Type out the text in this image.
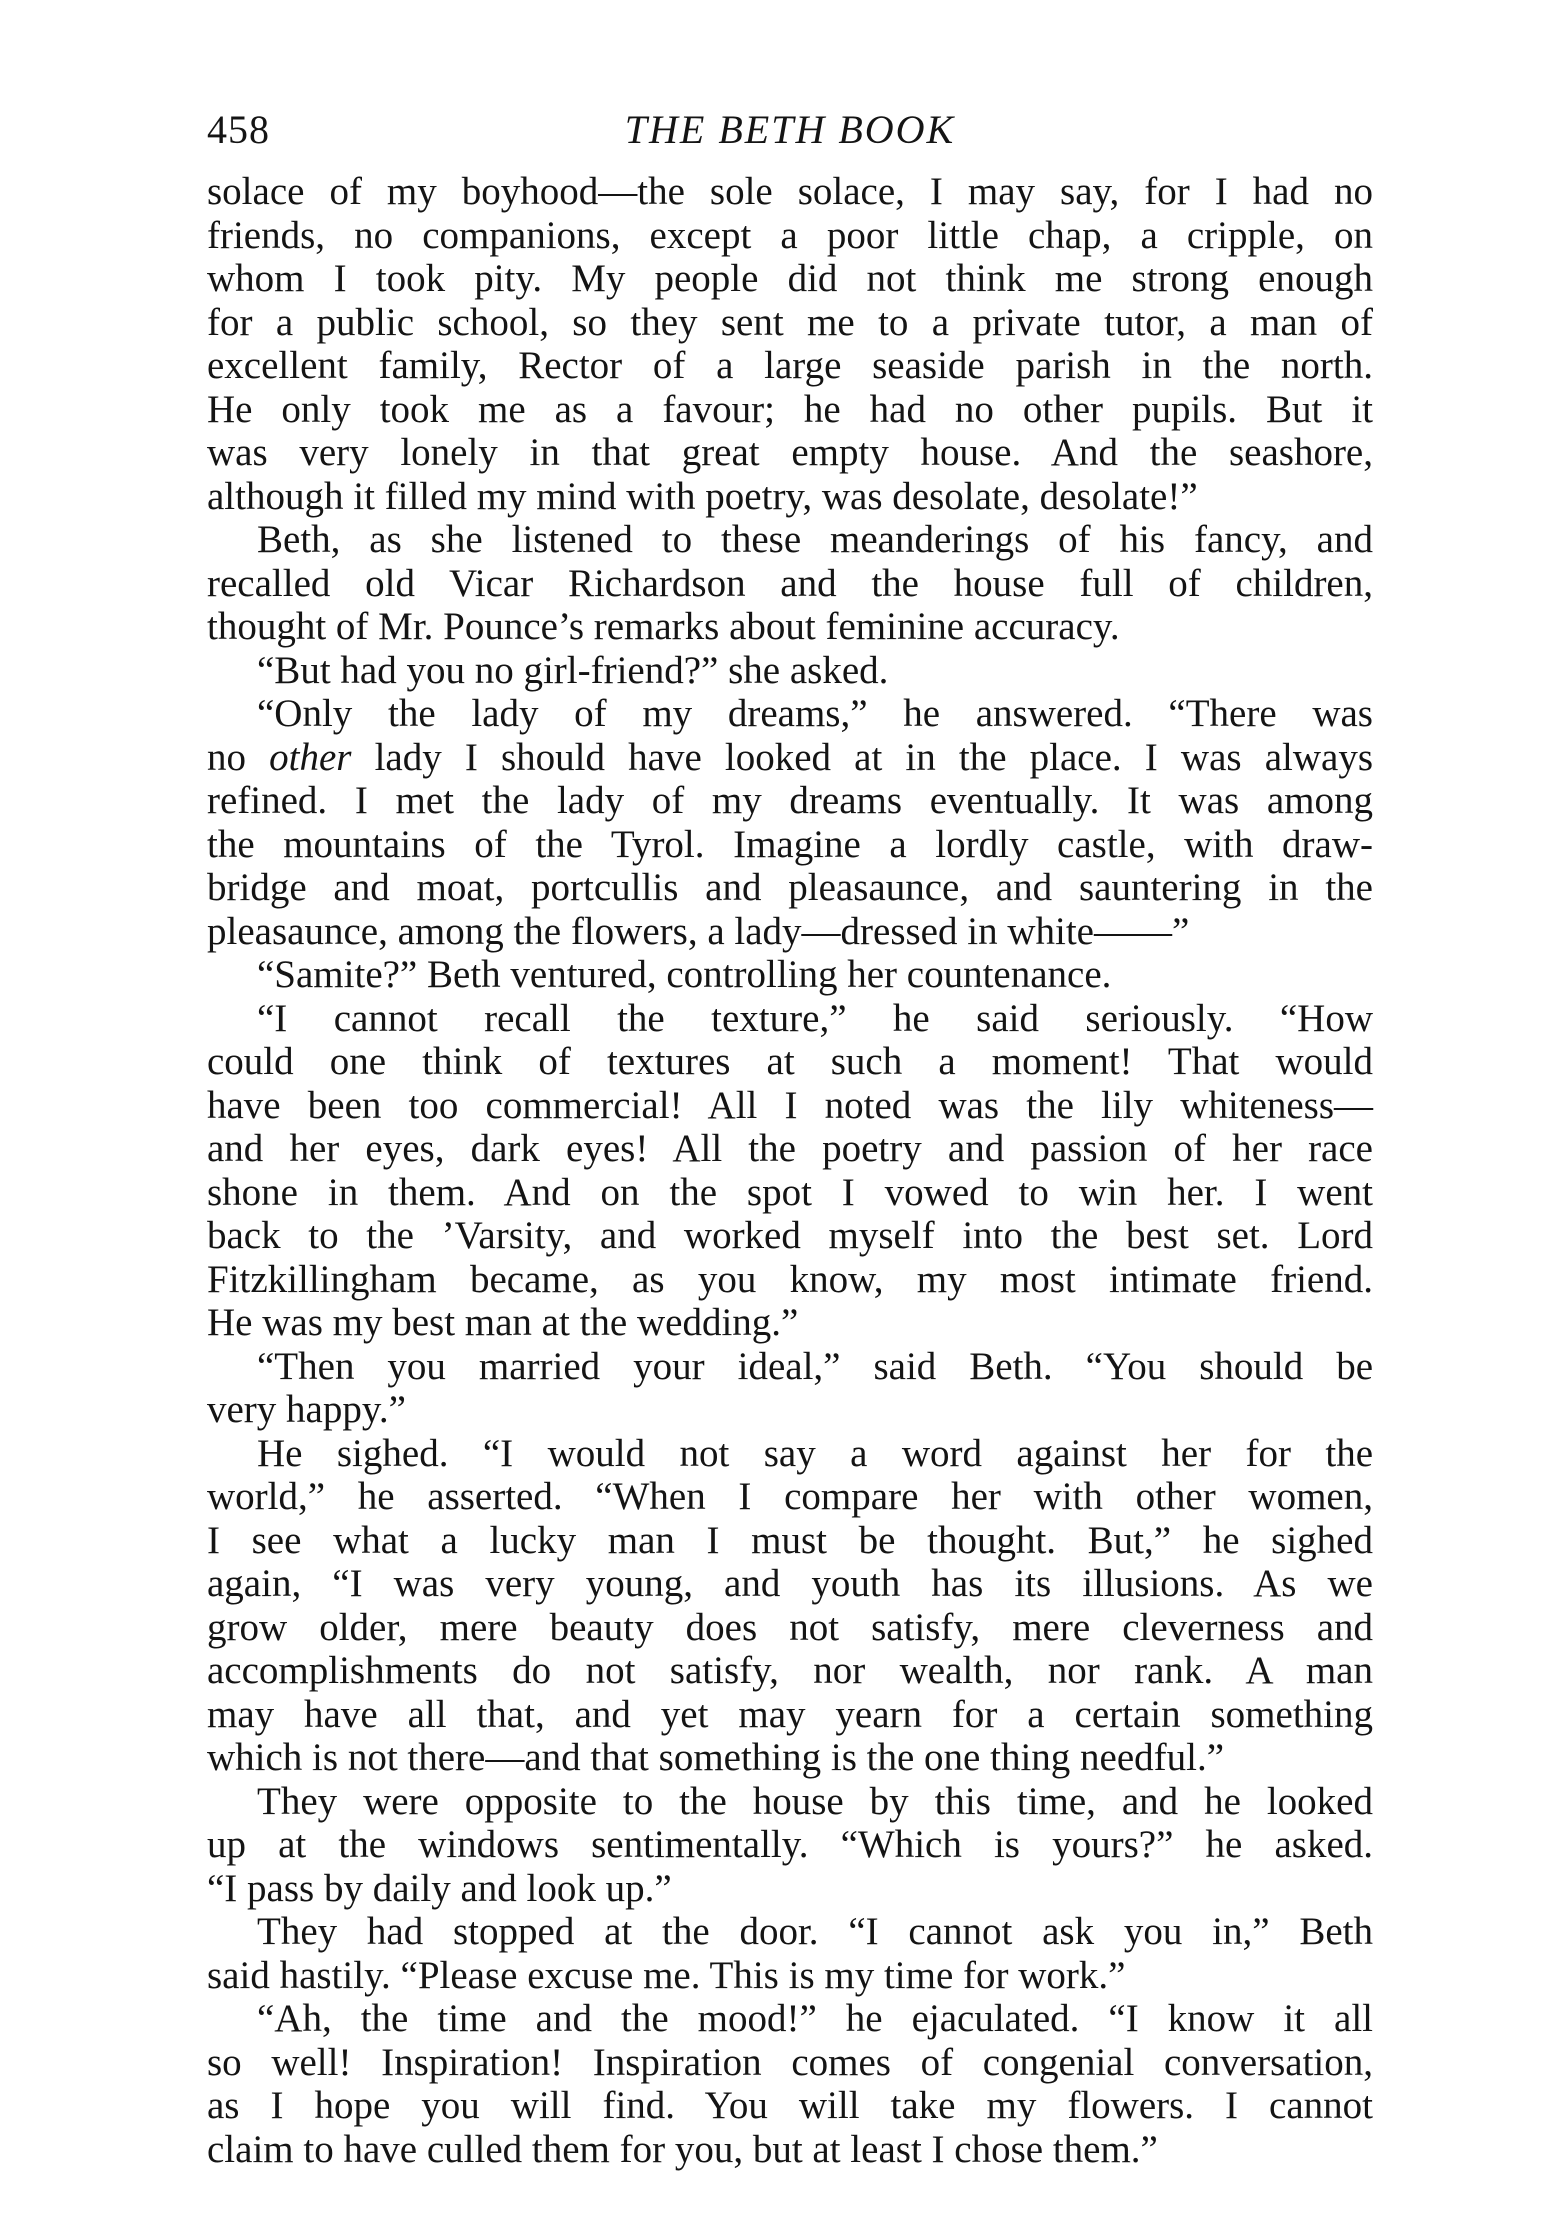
458	THE BETH BOOK
solace of my boyhood—the sole solace, I may say, for I had no
friends, no companions, except a poor little chap, a cripple, on
whom I took pity. My people did not think me strong enough
for a public school, so they sent me to a private tutor, a man of
excellent family, Rector of a large seaside parish in the north.
He only took me as a favour; he had no other pupils. But it
was very lonely in that great empty house. And the seashore,
although it filled my mind with poetry, was desolate, desolate!”
Beth, as she listened to these meanderings of his fancy, and
recalled old Vicar Richardson and the house full of children,
thought of Mr. Pounce’s remarks about feminine accuracy.
“But had you no girl-friend?” she asked.
“Only the lady of my dreams,” he answered. “There was
no other lady I should have looked at in the place. I was always
refined. I met the lady of my dreams eventually. It was among
the mountains of the Tyrol. Imagine a lordly castle, with draw-
bridge and moat, portcullis and pleasaunce, and sauntering in the
pleasaunce, among the flowers, a lady—dressed in white——”
“Samite?” Beth ventured, controlling her countenance.
“I cannot recall the texture,” he said seriously. “How
could one think of textures at such a moment! That would
have been too commercial! All I noted was the lily whiteness—
and her eyes, dark eyes! All the poetry and passion of her race
shone in them. And on the spot I vowed to win her. I went
back to the ’Varsity, and worked myself into the best set. Lord
Fitzkillingham became, as you know, my most intimate friend.
He was my best man at the wedding.”
“Then you married your ideal,” said Beth. “You should be
very happy.”
He sighed. “I would not say a word against her for the
world,” he asserted. “When I compare her with other women,
I see what a lucky man I must be thought. But,” he sighed
again, “I was very young, and youth has its illusions. As we
grow older, mere beauty does not satisfy, mere cleverness and
accomplishments do not satisfy, nor wealth, nor rank. A man
may have all that, and yet may yearn for a certain something
which is not there—and that something is the one thing needful.”
They were opposite to the house by this time, and he looked
up at the windows sentimentally. “Which is yours?” he asked.
“I pass by daily and look up.”
They had stopped at the door. “I cannot ask you in,” Beth
said hastily. “Please excuse me. This is my time for work.”
“Ah, the time and the mood!” he ejaculated. “I know it all
so well! Inspiration! Inspiration comes of congenial conversation,
as I hope you will find. You will take my flowers. I cannot
claim to have culled them for you, but at least I chose them.”
